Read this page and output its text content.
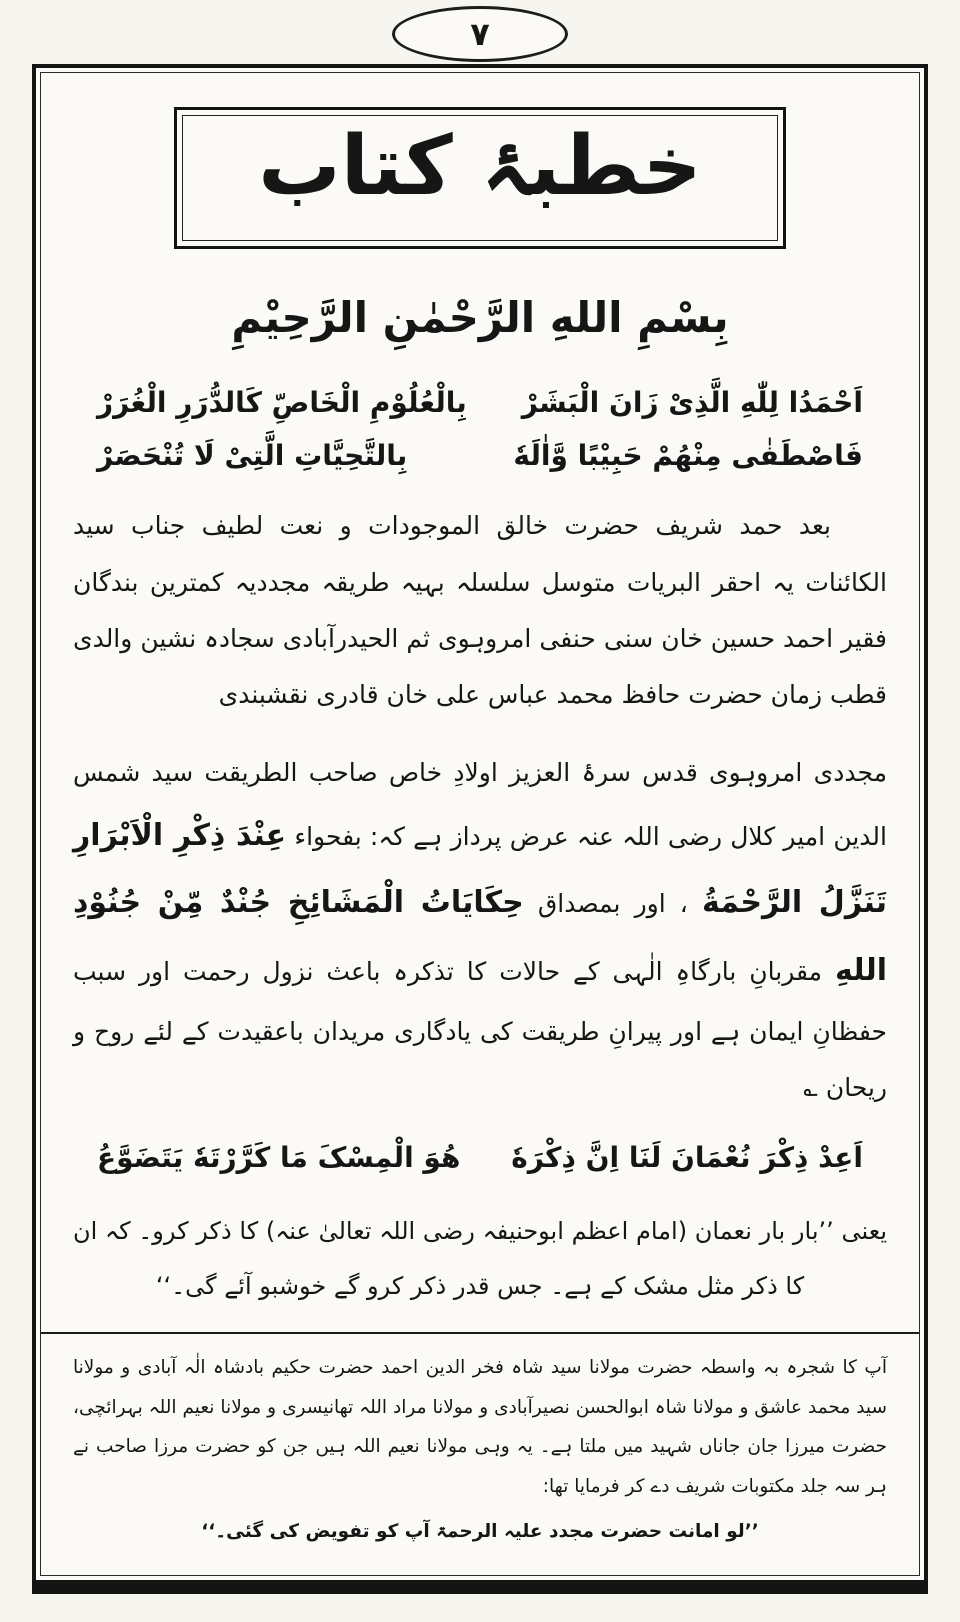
۷
خطبۂ کتاب
بِسْمِ اللهِ الرَّحْمٰنِ الرَّحِيْمِ
اَحْمَدُا لِلّٰهِ الَّذِیْ زَانَ الْبَشَرْ
بِالْعُلُوْمِ الْخَاصِّ کَالدُّرَرِ الْغُرَرْ
فَاصْطَفٰی مِنْهُمْ حَبِيْبًا وَّاٰلَهٗ
بِالتَّحِيَّاتِ الَّتِیْ لَا تُنْحَصَرْ

بعد حمد شریف حضرت خالق الموجودات و نعت لطیف جناب سید الکائنات یہ احقر البریات متوسل سلسلہ بہیہ طریقہ مجددیہ کمترین بندگان فقیر احمد حسین خان سنی حنفی امروہوی ثم الحیدرآبادی سجادہ نشین والدی قطب زمان حضرت حافظ محمد عباس علی خان قادری نقشبندی

مجددی امروہوی قدس سرۂ العزیز اولادِ خاص صاحب الطریقت سید شمس الدین امیر کلال رضی اللہ عنہ عرض پرداز ہے کہ: بفحواء عِنْدَ ذِکْرِ الْاَبْرَارِ تَنَزَّلُ الرَّحْمَةُ ، اور بمصداق حِکَایَاتُ الْمَشَائِخِ جُنْدٌ مِّنْ جُنُوْدِ اللهِ مقربانِ بارگاہِ الٰہی کے حالات کا تذکرہ باعث نزول رحمت اور سبب حفظانِ ایمان ہے اور پیرانِ طریقت کی یادگاری مریدان باعقیدت کے لئے روح و ریحان ؎

اَعِدْ ذِکْرَ نُعْمَانَ لَنَا اِنَّ ذِکْرَهٗ
هُوَ الْمِسْکَ مَا کَرَّرْتَهٗ يَتَضَوَّعُ

یعنی ’’بار بار نعمان (امام اعظم ابوحنیفہ رضی اللہ تعالیٰ عنہ) کا ذکر کرو۔ کہ ان کا ذکر مثل مشک کے ہے۔ جس قدر ذکر کرو گے خوشبو آئے گی۔‘‘

آپ کا شجرہ بہ واسطہ حضرت مولانا سید شاہ فخر الدین احمد حضرت حکیم بادشاہ الٰہ آبادی و مولانا سید محمد عاشق و مولانا شاہ ابوالحسن نصیرآبادی و مولانا مراد اللہ تھانیسری و مولانا نعیم اللہ بہرائچی، حضرت میرزا جان جاناں شہید میں ملتا ہے۔ یہ وہی مولانا نعیم اللہ ہیں جن کو حضرت مرزا صاحب نے ہر سہ جلد مکتوبات شریف دے کر فرمایا تھا:

’’لو امانت حضرت مجدد علیہ الرحمۃ آپ کو تفویض کی گئی۔‘‘
